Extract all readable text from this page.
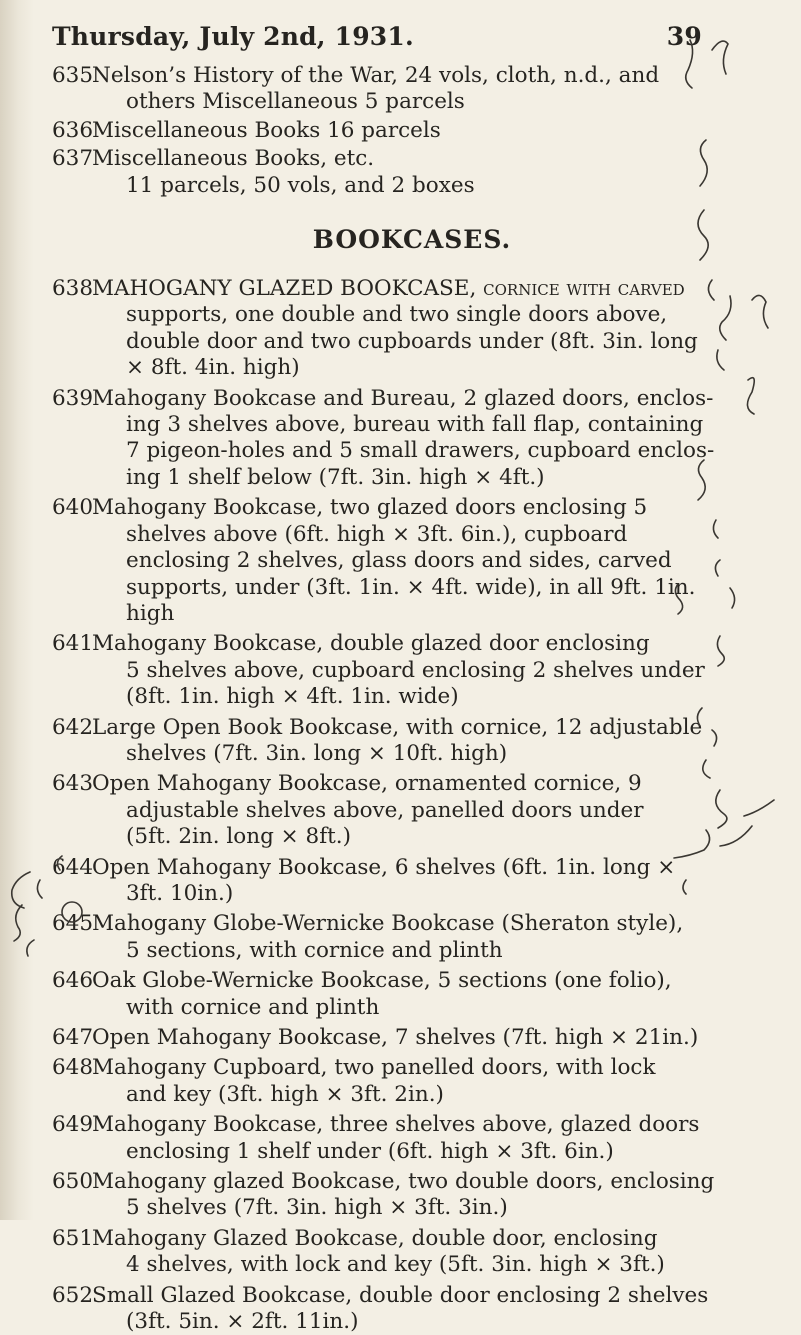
Thursday, July 2nd, 1931.	39
635
Nelson’s History of the War, 24 vols, cloth, n.d., and
others Miscellaneous 5 parcels
636
Miscellaneous Books 16 parcels
637
Miscellaneous Books, etc.
11 parcels, 50 vols, and 2 boxes
BOOKCASES.
638
MAHOGANY GLAZED BOOKCASE, cornice with carved
supports, one double and two single doors above,
double door and two cupboards under (8ft. 3in. long
× 8ft. 4in. high)
639
Mahogany Bookcase and Bureau, 2 glazed doors, enclos-
ing 3 shelves above, bureau with fall flap, containing
7 pigeon-holes and 5 small drawers, cupboard enclos-
ing 1 shelf below (7ft. 3in. high × 4ft.)
640
Mahogany Bookcase, two glazed doors enclosing 5
shelves above (6ft. high × 3ft. 6in.), cupboard
enclosing 2 shelves, glass doors and sides, carved
supports, under (3ft. 1in. × 4ft. wide), in all 9ft. 1in.
high
641
Mahogany Bookcase, double glazed door enclosing
5 shelves above, cupboard enclosing 2 shelves under
(8ft. 1in. high × 4ft. 1in. wide)
642
Large Open Book Bookcase, with cornice, 12 adjustable
shelves (7ft. 3in. long × 10ft. high)
643
Open Mahogany Bookcase, ornamented cornice, 9
adjustable shelves above, panelled doors under
(5ft. 2in. long × 8ft.)
644
Open Mahogany Bookcase, 6 shelves (6ft. 1in. long ×
3ft. 10in.)
645
Mahogany Globe-Wernicke Bookcase (Sheraton style),
5 sections, with cornice and plinth
646
Oak Globe-Wernicke Bookcase, 5 sections (one folio),
with cornice and plinth
647
Open Mahogany Bookcase, 7 shelves (7ft. high × 21in.)
648
Mahogany Cupboard, two panelled doors, with lock
and key (3ft. high × 3ft. 2in.)
649
Mahogany Bookcase, three shelves above, glazed doors
enclosing 1 shelf under (6ft. high × 3ft. 6in.)
650
Mahogany glazed Bookcase, two double doors, enclosing
5 shelves (7ft. 3in. high × 3ft. 3in.)
651
Mahogany Glazed Bookcase, double door, enclosing
4 shelves, with lock and key (5ft. 3in. high × 3ft.)
652
Small Glazed Bookcase, double door enclosing 2 shelves
(3ft. 5in. × 2ft. 11in.)
